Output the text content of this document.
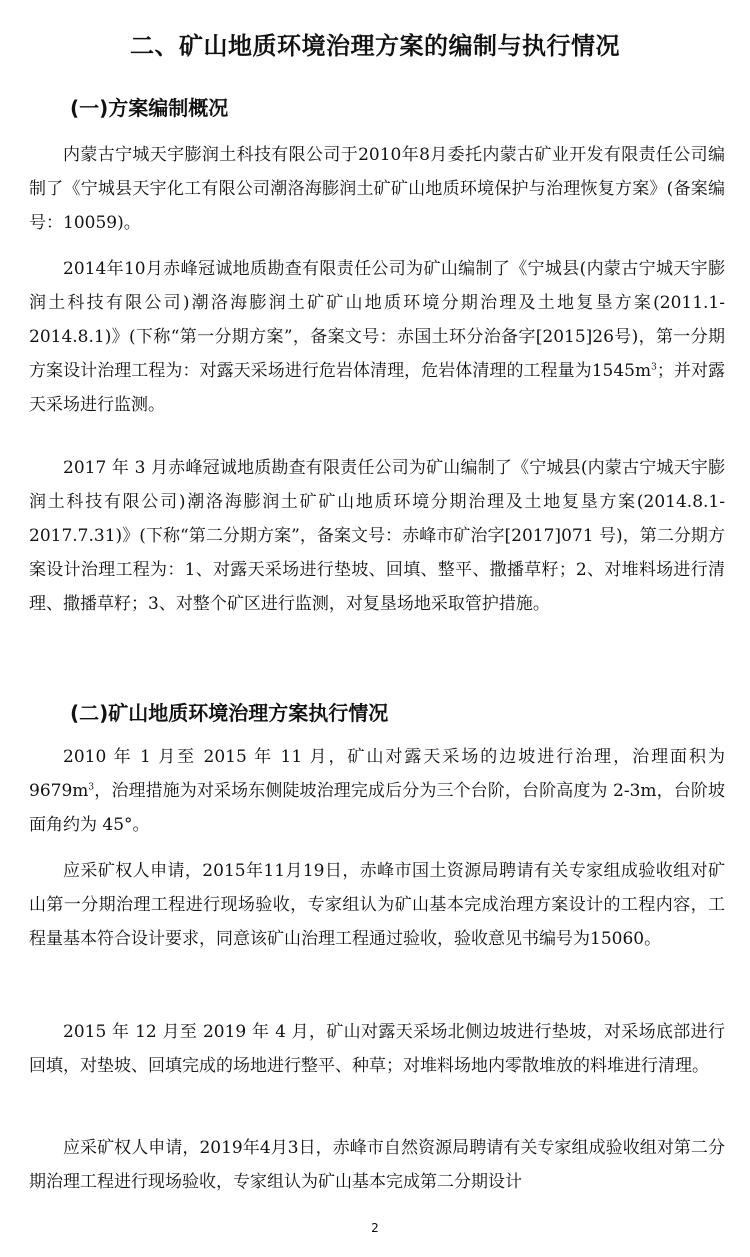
二、矿山地质环境治理方案的编制与执行情况
(一)方案编制概况

内蒙古宁城天宇膨润土科技有限公司于2010年8月委托内蒙古矿业开发有限责任公司编制了《宁城县天宇化工有限公司潮洛海膨润土矿矿山地质环境保护与治理恢复方案》(备案编号：10059)。

2014年10月赤峰冠诚地质勘查有限责任公司为矿山编制了《宁城县(内蒙古宁城天宇膨润土科技有限公司)潮洛海膨润土矿矿山地质环境分期治理及土地复垦方案(2011.1-2014.8.1)》(下称“第一分期方案”，备案文号：赤国土环分治备字[2015]26号)，第一分期方案设计治理工程为：对露天采场进行危岩体清理，危岩体清理的工程量为$1545m^3$；并对露天采场进行监测。

2017 年 3 月赤峰冠诚地质勘查有限责任公司为矿山编制了《宁城县(内蒙古宁城天宇膨润土科技有限公司)潮洛海膨润土矿矿山地质环境分期治理及土地复垦方案(2014.8.1-2017.7.31)》(下称“第二分期方案”，备案文号：赤峰市矿治字[2017]071 号)，第二分期方案设计治理工程为：1、对露天采场进行垫坡、回填、整平、撒播草籽；2、对堆料场进行清理、撒播草籽；3、对整个矿区进行监测，对复垦场地采取管护措施。

(二)矿山地质环境治理方案执行情况

2010 年 1 月至 2015 年 11 月，矿山对露天采场的边坡进行治理，治理面积为 $9679m^3$，治理措施为对采场东侧陡坡治理完成后分为三个台阶，台阶高度为 2-3m，台阶坡面角约为 45°。

应采矿权人申请，2015年11月19日，赤峰市国土资源局聘请有关专家组成验收组对矿山第一分期治理工程进行现场验收，专家组认为矿山基本完成治理方案设计的工程内容，工程量基本符合设计要求，同意该矿山治理工程通过验收，验收意见书编号为15060。

2015 年 12 月至 2019 年 4 月，矿山对露天采场北侧边坡进行垫坡，对采场底部进行回填，对垫坡、回填完成的场地进行整平、种草；对堆料场地内零散堆放的料堆进行清理。

应采矿权人申请，2019年4月3日，赤峰市自然资源局聘请有关专家组成验收组对第二分期治理工程进行现场验收，专家组认为矿山基本完成第二分期设计

2
